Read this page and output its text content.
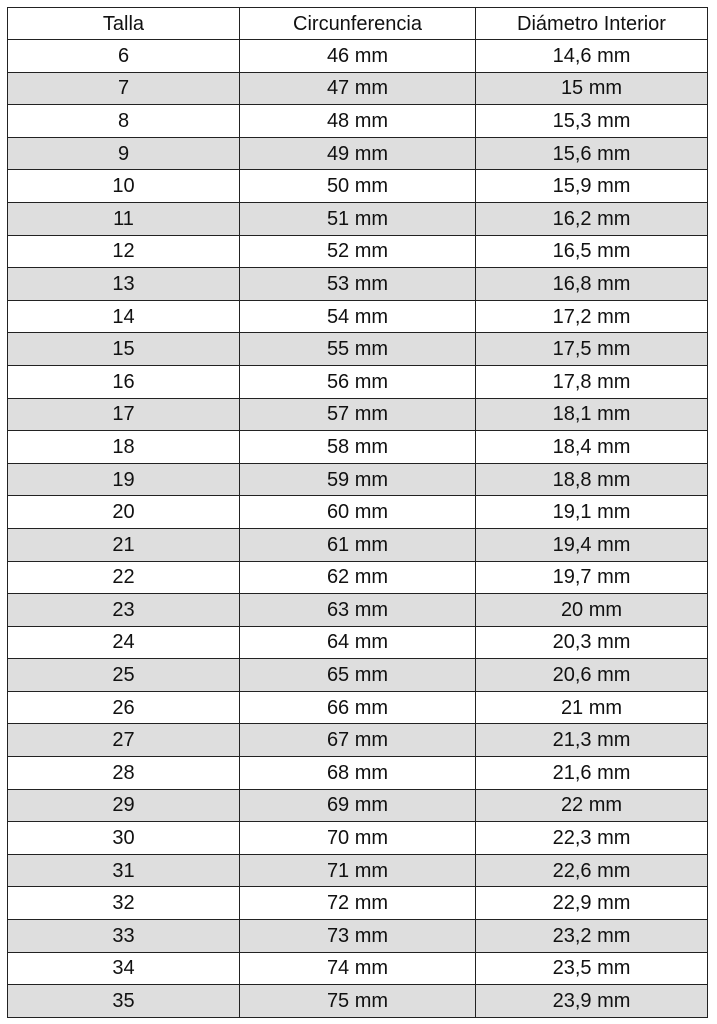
Talla	Circunferencia	Diámetro Interior
6	46 mm	14,6 mm
7	47 mm	15 mm
8	48 mm	15,3 mm
9	49 mm	15,6 mm
10	50 mm	15,9 mm
11	51 mm	16,2 mm
12	52 mm	16,5 mm
13	53 mm	16,8 mm
14	54 mm	17,2 mm
15	55 mm	17,5 mm
16	56 mm	17,8 mm
17	57 mm	18,1 mm
18	58 mm	18,4 mm
19	59 mm	18,8 mm
20	60 mm	19,1 mm
21	61 mm	19,4 mm
22	62 mm	19,7 mm
23	63 mm	20 mm
24	64 mm	20,3 mm
25	65 mm	20,6 mm
26	66 mm	21 mm
27	67 mm	21,3 mm
28	68 mm	21,6 mm
29	69 mm	22 mm
30	70 mm	22,3 mm
31	71 mm	22,6 mm
32	72 mm	22,9 mm
33	73 mm	23,2 mm
34	74 mm	23,5 mm
35	75 mm	23,9 mm
